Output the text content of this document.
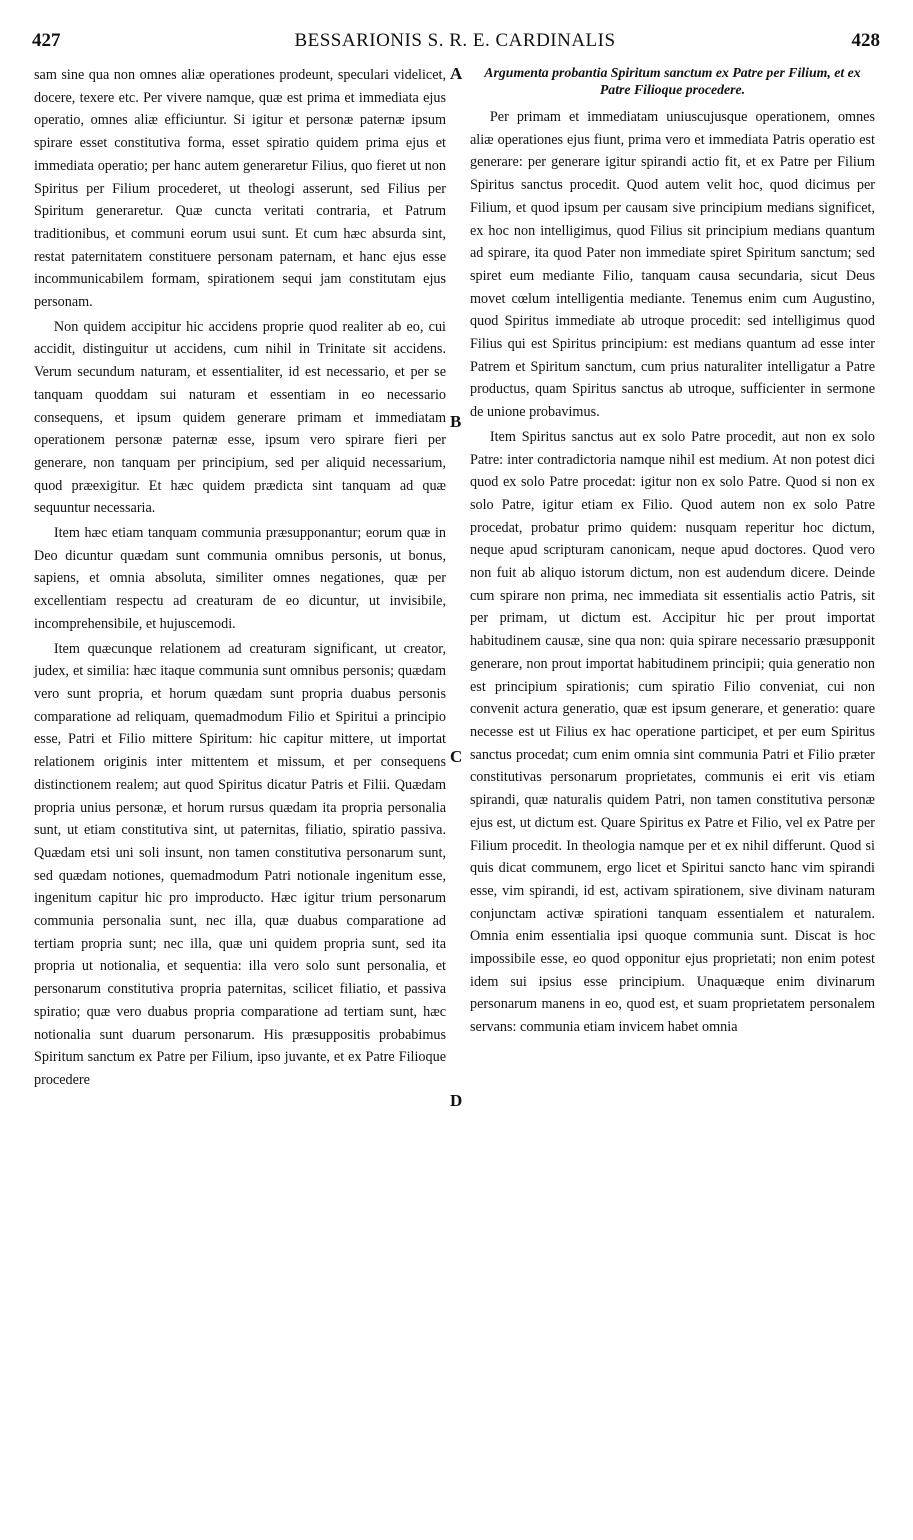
427	BESSARIONIS S. R. E. CARDINALIS	428

sam sine qua non omnes aliæ operationes prodeunt, speculari videlicet, docere, texere etc. Per vivere namque, quæ est prima et immediata ejus operatio, omnes aliæ efficiuntur. Si igitur et personæ paternæ ipsum spirare esset constitutiva forma, esset spiratio quidem prima ejus et immediata operatio; per hanc autem generaretur Filius, quo fieret ut non Spiritus per Filium procederet, ut theologi asserunt, sed Filius per Spiritum generaretur. Quæ cuncta veritati contraria, et Patrum traditionibus, et communi eorum usui sunt. Et cum hæc absurda sint, restat paternitatem constituere personam paternam, et hanc ejus esse incommunicabilem formam, spirationem sequi jam constitutam ejus personam.

Non quidem accipitur hic accidens proprie quod realiter ab eo, cui accidit, distinguitur ut accidens, cum nihil in Trinitate sit accidens. Verum secundum naturam, et essentialiter, id est necessario, et per se tanquam quoddam sui naturam et essentiam in eo necessario consequens, et ipsum quidem generare primam et immediatam operationem personæ paternæ esse, ipsum vero spirare fieri per generare, non tanquam per principium, sed per aliquid necessarium, quod præexigitur. Et hæc quidem prædicta sint tanquam ad quæ sequuntur necessaria.

Item hæc etiam tanquam communia præsupponantur; eorum quæ in Deo dicuntur quædam sunt communia omnibus personis, ut bonus, sapiens, et omnia absoluta, similiter omnes negationes, quæ per excellentiam respectu ad creaturam de eo dicuntur, ut invisibile, incomprehensibile, et hujuscemodi.

Item quæcunque relationem ad creaturam significant, ut creator, judex, et similia: hæc itaque communia sunt omnibus personis; quædam vero sunt propria, et horum quædam sunt propria duabus personis comparatione ad reliquam, quemadmodum Filio et Spiritui a principio esse, Patri et Filio mittere Spiritum: hic capitur mittere, ut importat relationem originis inter mittentem et missum, et per consequens distinctionem realem; aut quod Spiritus dicatur Patris et Filii. Quædam propria unius personæ, et horum rursus quædam ita propria personalia sunt, ut etiam constitutiva sint, ut paternitas, filiatio, spiratio passiva. Quædam etsi uni soli insunt, non tamen constitutiva personarum sunt, sed quædam notiones, quemadmodum Patri notionale ingenitum esse, ingenitum capitur hic pro improducto. Hæc igitur trium personarum communia personalia sunt, nec illa, quæ duabus comparatione ad tertiam propria sunt; nec illa, quæ uni quidem propria sunt, sed ita propria ut notionalia, et sequentia: illa vero solo sunt personalia, et personarum constitutiva propria paternitas, scilicet filiatio, et passiva spiratio; quæ vero duabus propria comparatione ad tertiam sunt, hæc notionalia sunt duarum personarum. His præsuppositis probabimus Spiritum sanctum ex Patre per Filium, ipso juvante, et ex Patre Filioque procedere

A
B
C
D
Argumenta probantia Spiritum sanctum ex Patre per Filium, et ex Patre Filioque procedere.

Per primam et immediatam uniuscujusque operationem, omnes aliæ operationes ejus fiunt, prima vero et immediata Patris operatio est generare: per generare igitur spirandi actio fit, et ex Patre per Filium Spiritus sanctus procedit. Quod autem velit hoc, quod dicimus per Filium, et quod ipsum per causam sive principium medians significet, ex hoc non intelligimus, quod Filius sit principium medians quantum ad spirare, ita quod Pater non immediate spiret Spiritum sanctum; sed spiret eum mediante Filio, tanquam causa secundaria, sicut Deus movet cœlum intelligentia mediante. Tenemus enim cum Augustino, quod Spiritus immediate ab utroque procedit: sed intelligimus quod Filius qui est Spiritus principium: est medians quantum ad esse inter Patrem et Spiritum sanctum, cum prius naturaliter intelligatur a Patre productus, quam Spiritus sanctus ab utroque, sufficienter in sermone de unione probavimus.

Item Spiritus sanctus aut ex solo Patre procedit, aut non ex solo Patre: inter contradictoria namque nihil est medium. At non potest dici quod ex solo Patre procedat: igitur non ex solo Patre. Quod si non ex solo Patre, igitur etiam ex Filio. Quod autem non ex solo Patre procedat, probatur primo quidem: nusquam reperitur hoc dictum, neque apud scripturam canonicam, neque apud doctores. Quod vero non fuit ab aliquo istorum dictum, non est audendum dicere. Deinde cum spirare non prima, nec immediata sit essentialis actio Patris, sit per primam, ut dictum est. Accipitur hic per prout importat habitudinem causæ, sine qua non: quia spirare necessario præsupponit generare, non prout importat habitudinem principii; quia generatio non est principium spirationis; cum spiratio Filio conveniat, cui non convenit actura generatio, quæ est ipsum generare, et generatio: quare necesse est ut Filius ex hac operatione participet, et per eum Spiritus sanctus procedat; cum enim omnia sint communia Patri et Filio præter constitutivas personarum proprietates, communis ei erit vis etiam spirandi, quæ naturalis quidem Patri, non tamen constitutiva personæ ejus est, ut dictum est. Quare Spiritus ex Patre et Filio, vel ex Patre per Filium procedit. In theologia namque per et ex nihil differunt. Quod si quis dicat communem, ergo licet et Spiritui sancto hanc vim spirandi esse, vim spirandi, id est, activam spirationem, sive divinam naturam conjunctam activæ spirationi tanquam essentialem et naturalem. Omnia enim essentialia ipsi quoque communia sunt. Discat is hoc impossibile esse, eo quod opponitur ejus proprietati; non enim potest idem sui ipsius esse principium. Unaquæque enim divinarum personarum manens in eo, quod est, et suam proprietatem personalem servans: communia etiam invicem habet omnia
